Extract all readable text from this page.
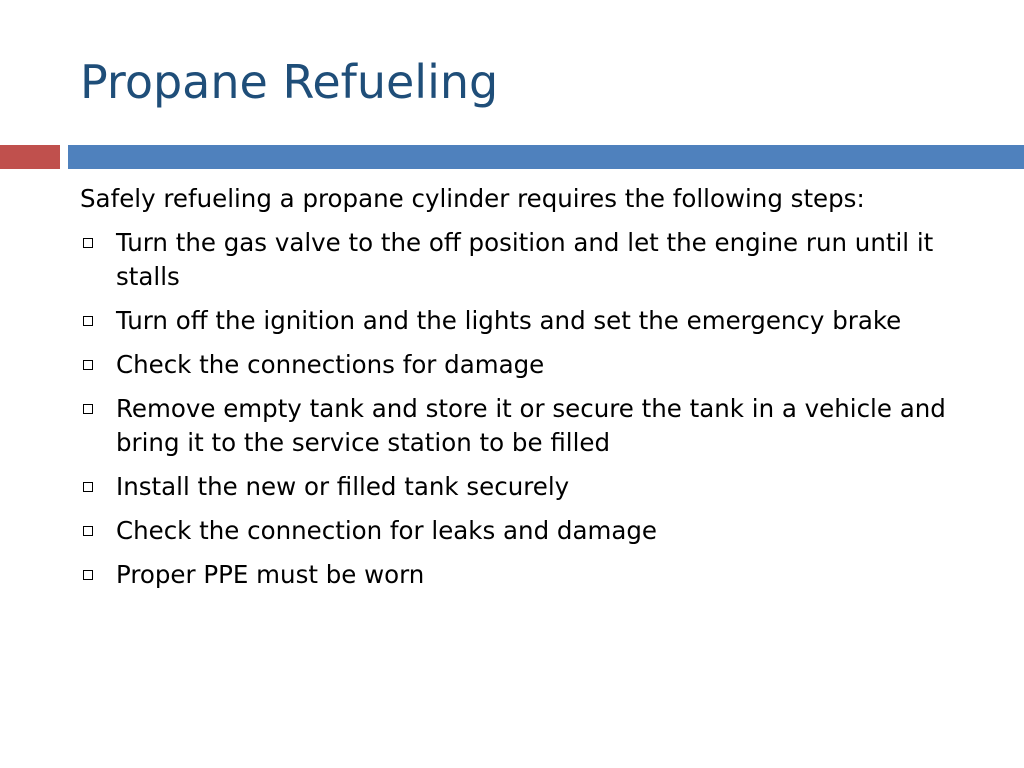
Propane Refueling

Safely refueling a propane cylinder requires the following steps:

Turn the gas valve to the off position and let the engine run until it stalls
Turn off the ignition and the lights and set the emergency brake
Check the connections for damage
Remove empty tank and store it or secure the tank in a vehicle and bring it to the service station to be filled
Install the new or filled tank securely
Check the connection for leaks and damage
Proper PPE must be worn
